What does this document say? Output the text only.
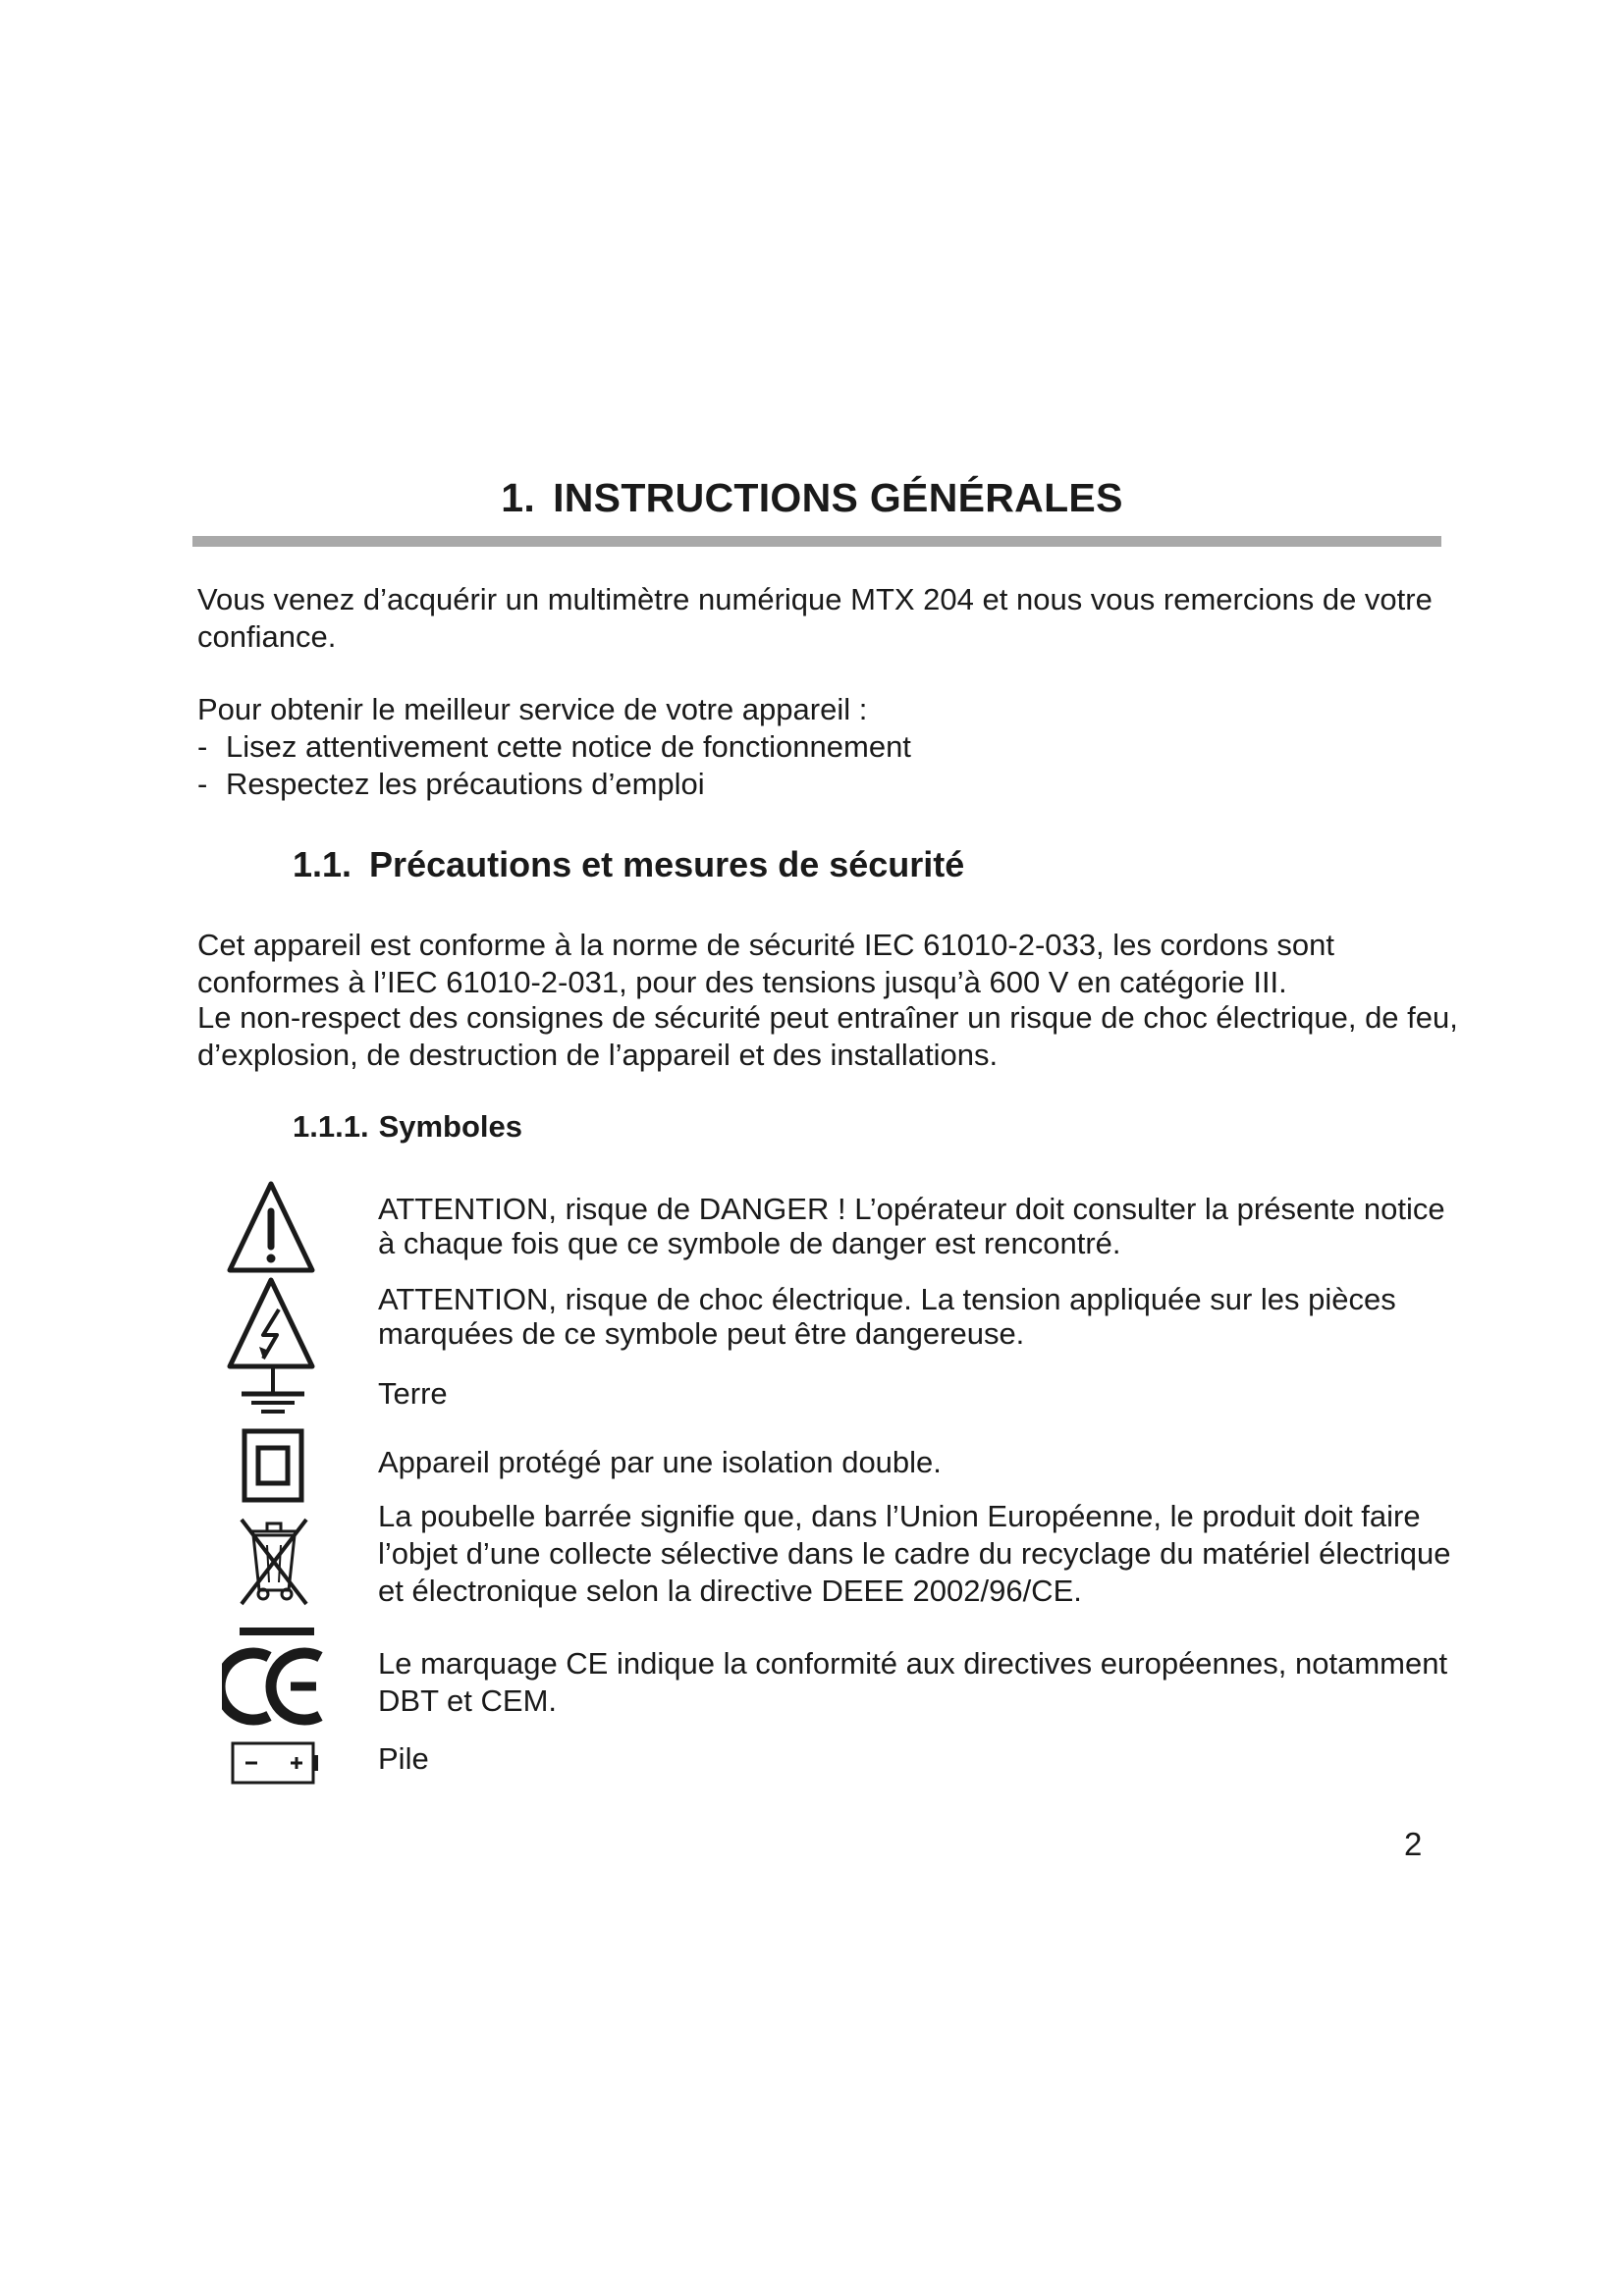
1. INSTRUCTIONS GÉNÉRALES
Vous venez d’acquérir un multimètre numérique MTX 204 et nous vous remercions de votre confiance.
Pour obtenir le meilleur service de votre appareil :
- Lisez attentivement cette notice de fonctionnement
- Respectez les précautions d’emploi
1.1. Précautions et mesures de sécurité
Cet appareil est conforme à la norme de sécurité IEC 61010-2-033, les cordons sont conformes à l’IEC 61010-2-031, pour des tensions jusqu’à 600 V en catégorie III.
Le non-respect des consignes de sécurité peut entraîner un risque de choc électrique, de feu, d’explosion, de destruction de l’appareil et des installations.
1.1.1. Symboles
ATTENTION, risque de DANGER ! L’opérateur doit consulter la présente notice à chaque fois que ce symbole de danger est rencontré.
ATTENTION, risque de choc électrique. La tension appliquée sur les pièces marquées de ce symbole peut être dangereuse.
Terre
Appareil protégé par une isolation double.
La poubelle barrée signifie que, dans l’Union Européenne, le produit doit faire l’objet d’une collecte sélective dans le cadre du recyclage du matériel électrique et électronique selon la directive DEEE 2002/96/CE.
Le marquage CE indique la conformité aux directives européennes, notamment DBT et CEM.
Pile
2
